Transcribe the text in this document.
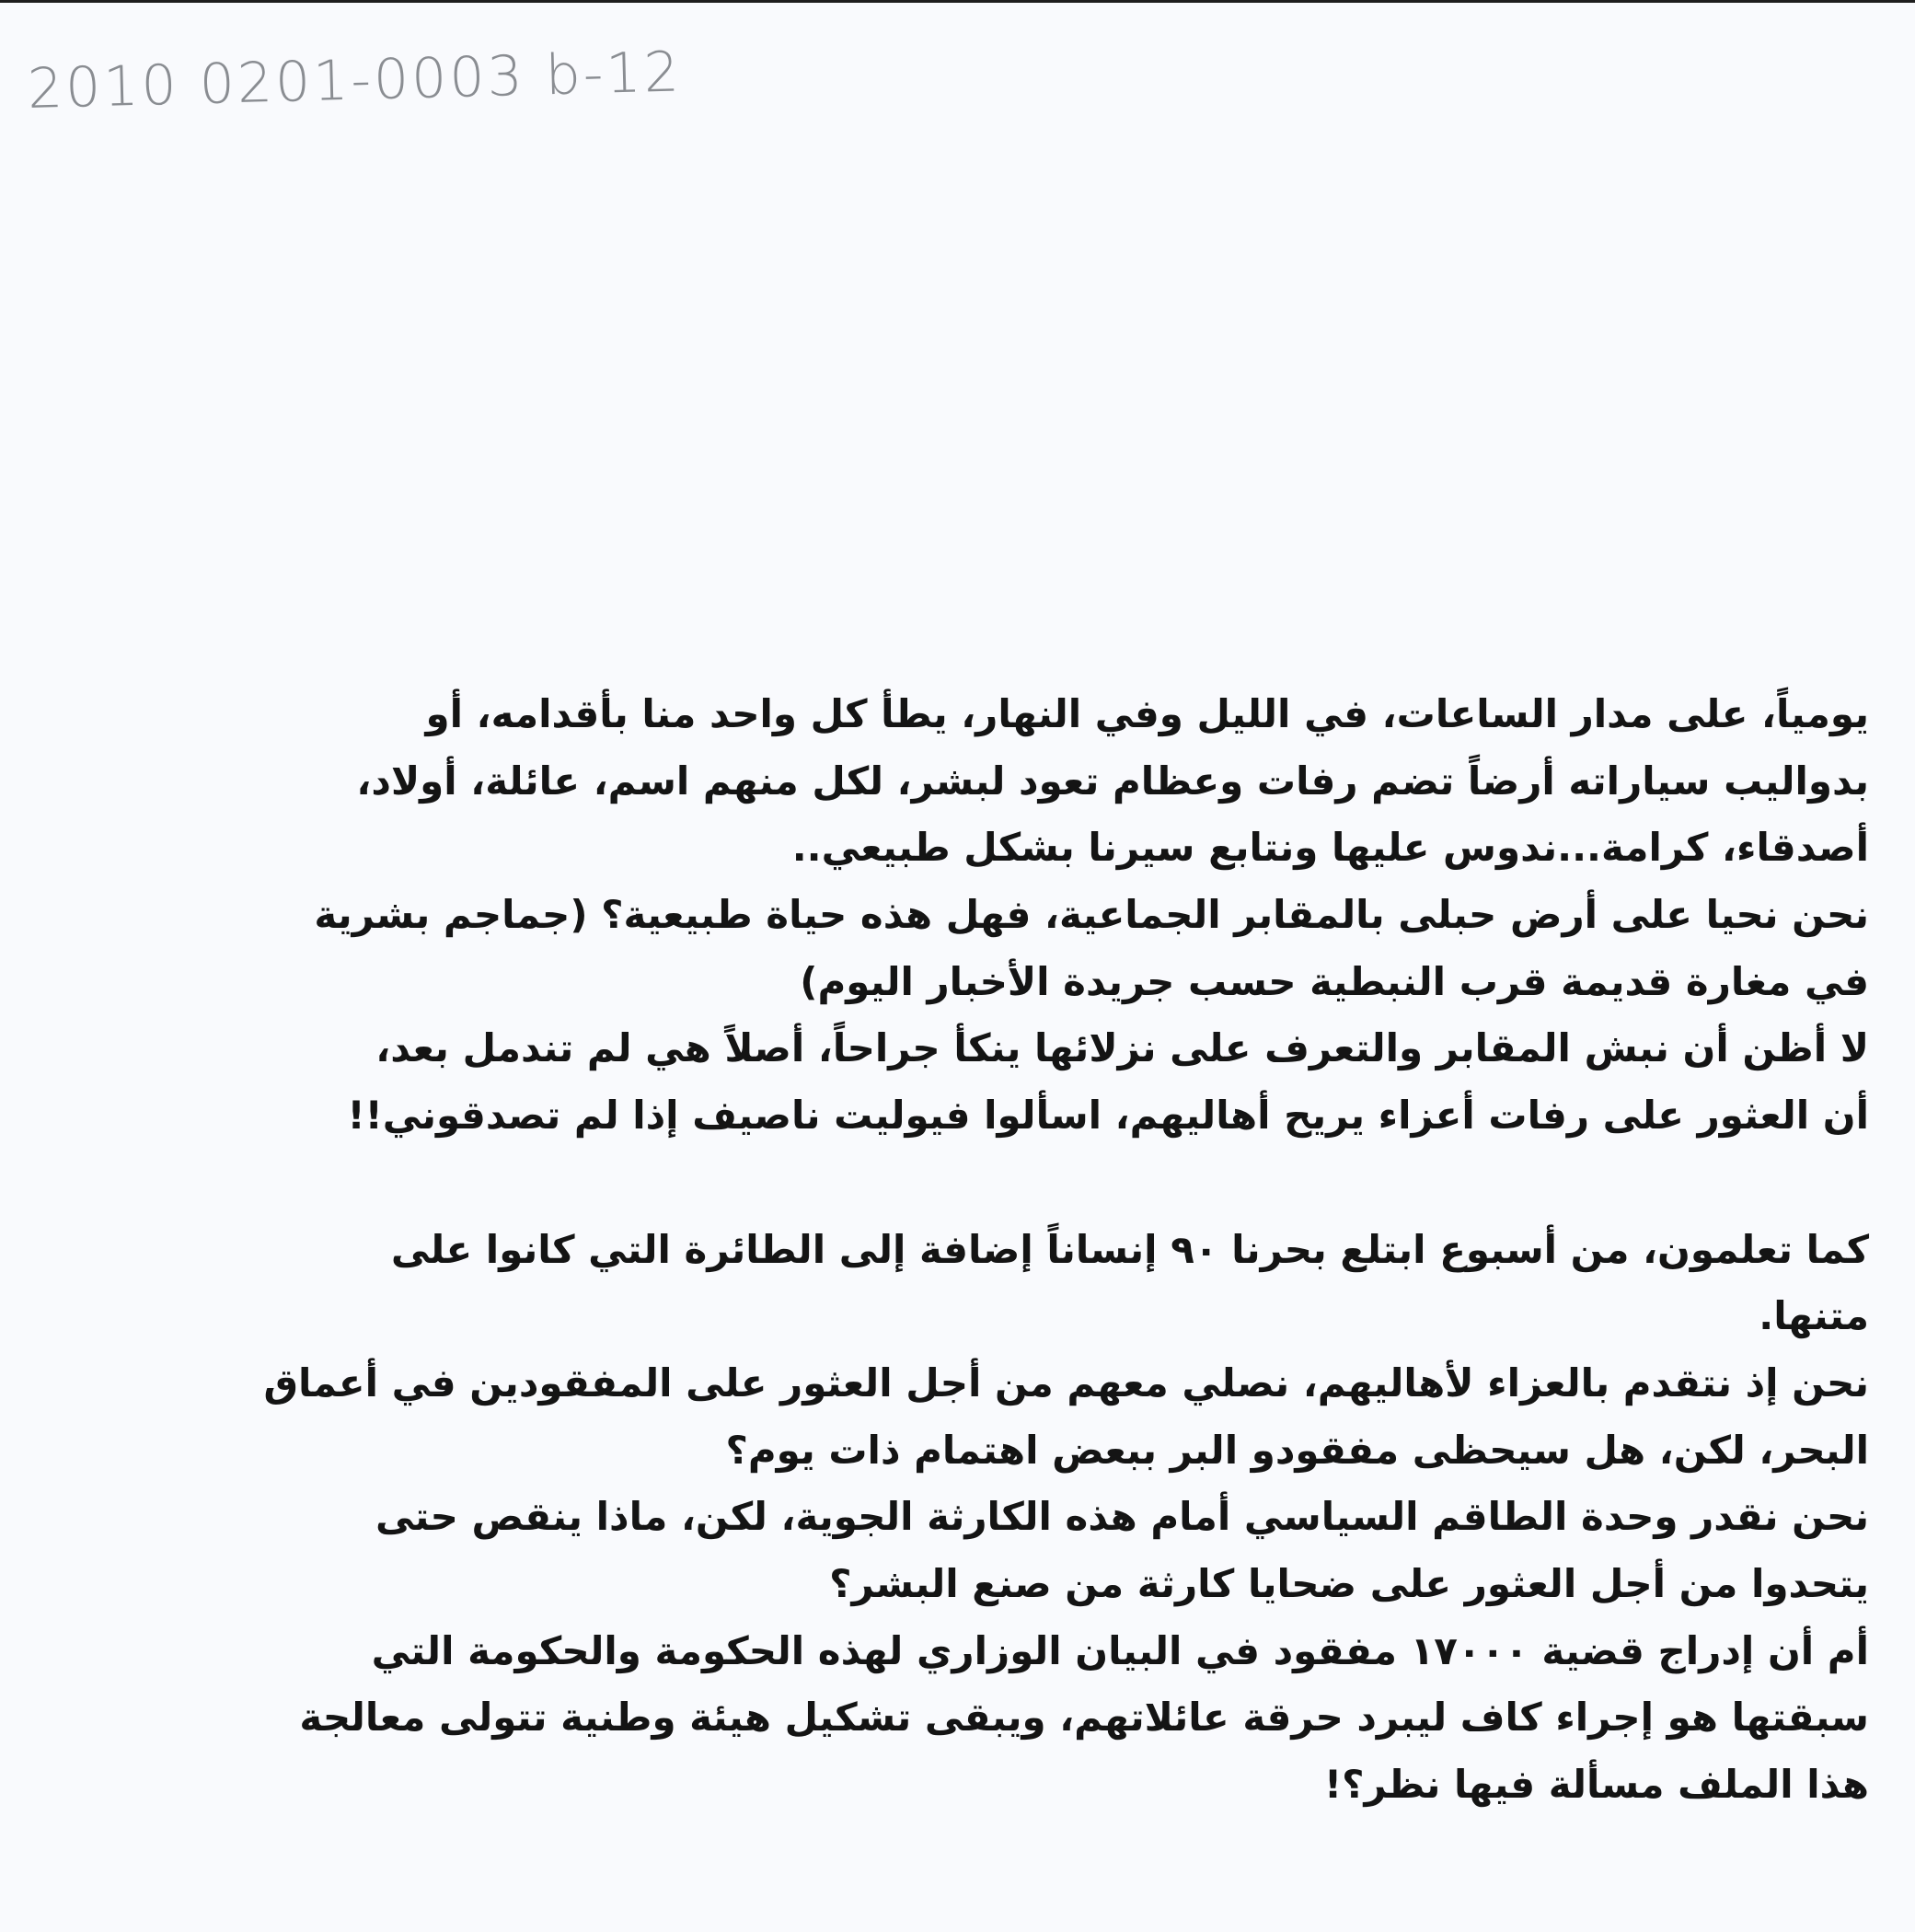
2010 0201-0003 b-12
يومياً، على مدار الساعات، في الليل وفي النهار، يطأ كل واحد منا بأقدامه، أو
بدواليب سياراته أرضاً تضم رفات وعظام تعود لبشر، لكل منهم اسم، عائلة، أولاد،
أصدقاء، كرامة...ندوس عليها ونتابع سيرنا بشكل طبيعي..
نحن نحيا على أرض حبلى بالمقابر الجماعية، فهل هذه حياة طبيعية؟ (جماجم بشرية
في مغارة قديمة قرب النبطية حسب جريدة الأخبار اليوم)
لا أظن أن نبش المقابر والتعرف على نزلائها ينكأ جراحاً، أصلاً هي لم تندمل بعد،
أن العثور على رفات أعزاء يريح أهاليهم، اسألوا فيوليت ناصيف إذا لم تصدقوني!!
كما تعلمون، من أسبوع ابتلع بحرنا ٩٠ إنساناً إضافة إلى الطائرة التي كانوا على
متنها.
نحن إذ نتقدم بالعزاء لأهاليهم، نصلي معهم من أجل العثور على المفقودين في أعماق
البحر، لكن، هل سيحظى مفقودو البر ببعض اهتمام ذات يوم؟
نحن نقدر وحدة الطاقم السياسي أمام هذه الكارثة الجوية، لكن، ماذا ينقص حتى
يتحدوا من أجل العثور على ضحايا كارثة من صنع البشر؟
أم أن إدراج قضية ١٧٠٠٠ مفقود في البيان الوزاري لهذه الحكومة والحكومة التي
سبقتها هو إجراء كاف ليبرد حرقة عائلاتهم، ويبقى تشكيل هيئة وطنية تتولى معالجة
هذا الملف مسألة فيها نظر؟!
